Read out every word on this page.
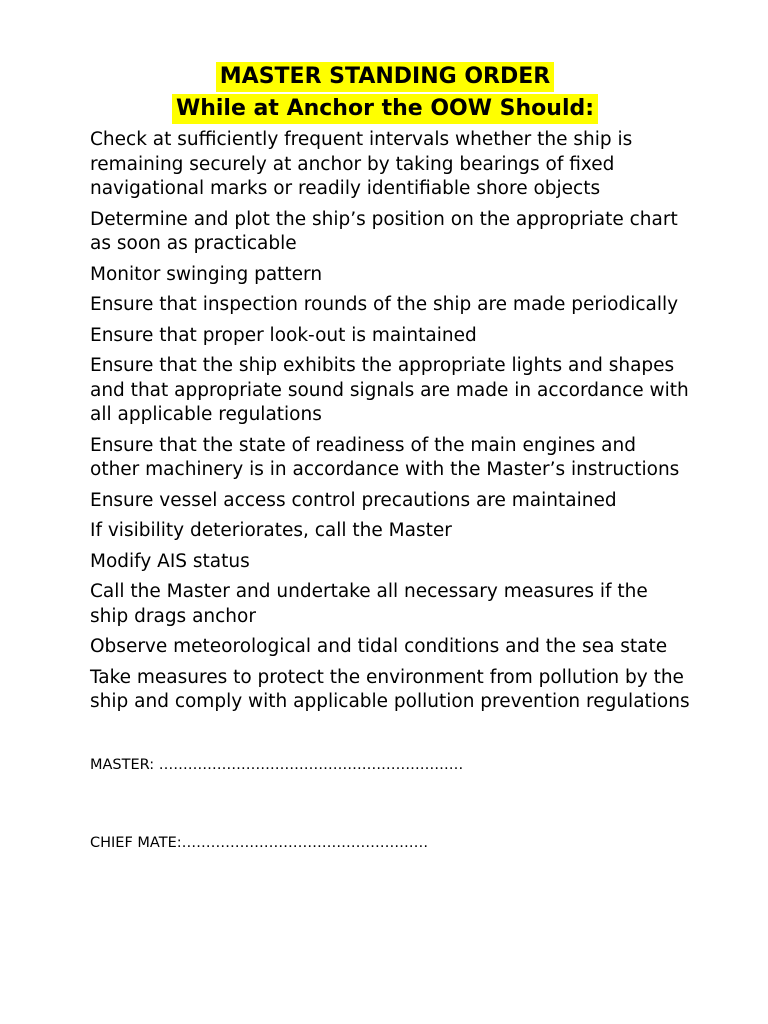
MASTER STANDING ORDER
While at Anchor the OOW Should:
Check at sufficiently frequent intervals whether the ship is remaining securely at anchor by taking bearings of fixed navigational marks or readily identifiable shore objects
Determine and plot the ship’s position on the appropriate chart as soon as practicable
Monitor swinging pattern
Ensure that inspection rounds of the ship are made periodically
Ensure that proper look-out is maintained
Ensure that the ship exhibits the appropriate lights and shapes and that appropriate sound signals are made in accordance with all applicable regulations
Ensure that the state of readiness of the main engines and other machinery is in accordance with the Master’s instructions
Ensure vessel access control precautions are maintained
If visibility deteriorates, call the Master
Modify AIS status
Call the Master and undertake all necessary measures if the ship drags anchor
Observe meteorological and tidal conditions and the sea state
Take measures to protect the environment from pollution by the ship and comply with applicable pollution prevention regulations
MASTER: ………………………………………………………
CHIEF MATE:……………………………………………
